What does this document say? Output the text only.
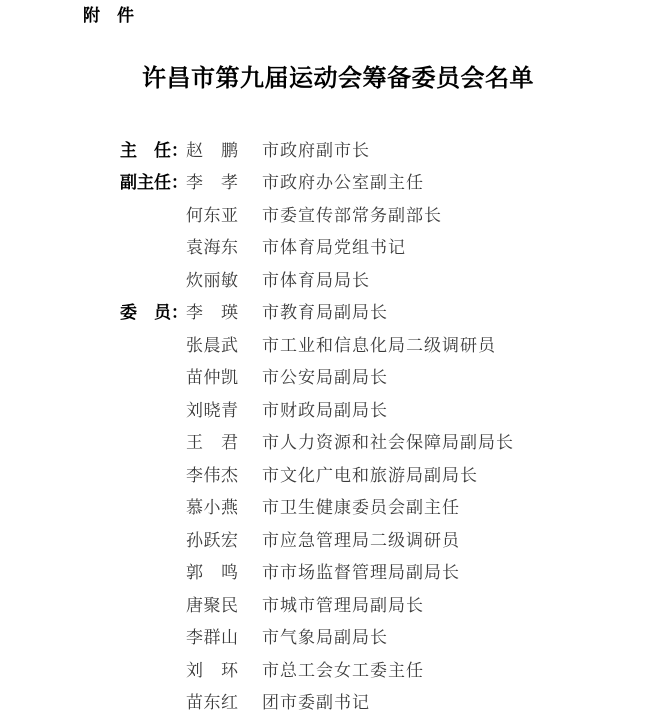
附　件
许昌市第九届运动会筹备委员会名单
主　任：
赵　鹏	市政府副市长
副主任：
李　孝	市政府办公室副主任
何东亚	市委宣传部常务副部长
袁海东	市体育局党组书记
炊丽敏	市体育局局长
委　员：
李　瑛	市教育局副局长
张晨武	市工业和信息化局二级调研员
苗仲凯	市公安局副局长
刘晓青	市财政局副局长
王　君	市人力资源和社会保障局副局长
李伟杰	市文化广电和旅游局副局长
慕小燕	市卫生健康委员会副主任
孙跃宏	市应急管理局二级调研员
郭　鸣	市市场监督管理局副局长
唐聚民	市城市管理局副局长
李群山	市气象局副局长
刘　环	市总工会女工委主任
苗东红	团市委副书记
